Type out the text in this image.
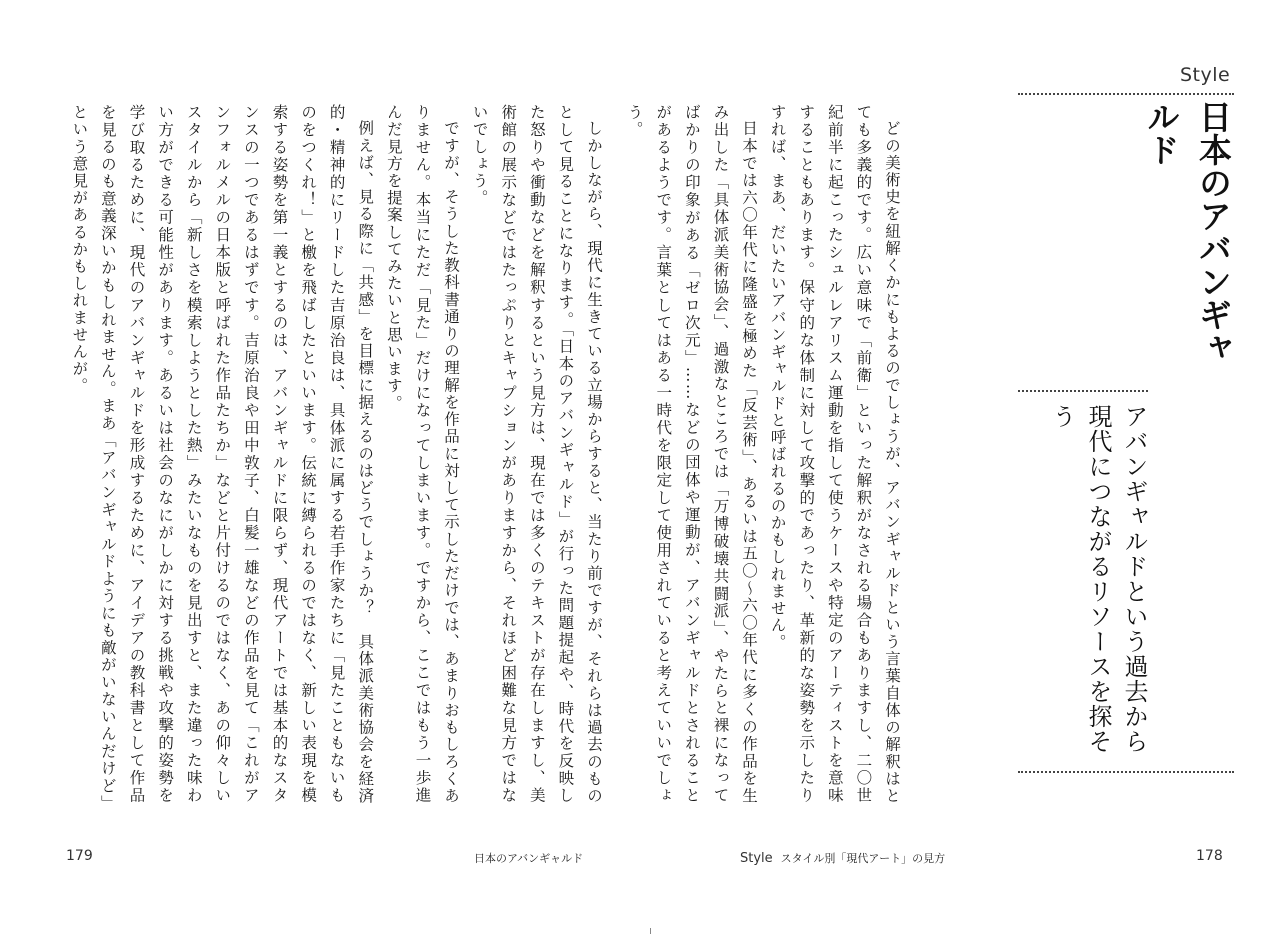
Style
日本のアバンギャルド
アバンギャルドという過去から現代につながるリソースを探そう

どの美術史を紐解くかにもよるのでしょうが、アバンギャルドという言葉自体の解釈はとても多義的です。広い意味で「前衛」といった解釈がなされる場合もありますし、二〇世紀前半に起こったシュルレアリスム運動を指して使うケースや特定のアーティストを意味することもあります。保守的な体制に対して攻撃的であったり、革新的な姿勢を示したりすれば、まあ、だいたいアバンギャルドと呼ばれるのかもしれません。

日本では六〇年代に隆盛を極めた「反芸術」、あるいは五〇〜六〇年代に多くの作品を生み出した「具体派美術協会」、過激なところでは「万博破壊共闘派」、やたらと裸になってばかりの印象がある「ゼロ次元」……などの団体や運動が、アバンギャルドとされることがあるようです。言葉としてはある一時代を限定して使用されていると考えていいでしょう。

しかしながら、現代に生きている立場からすると、当たり前ですが、それらは過去のものとして見ることになります。「日本のアバンギャルド」が行った問題提起や、時代を反映した怒りや衝動などを解釈するという見方は、現在では多くのテキストが存在しますし、美術館の展示などではたっぷりとキャプションがありますから、それほど困難な見方ではないでしょう。

ですが、そうした教科書通りの理解を作品に対して示しただけでは、あまりおもしろくありません。本当にただ「見た」だけになってしまいます。ですから、ここではもう一歩進んだ見方を提案してみたいと思います。

例えば、見る際に「共感」を目標に据えるのはどうでしょうか？　具体派美術協会を経済的・精神的にリードした吉原治良は、具体派に属する若手作家たちに「見たこともないものをつくれ！」と檄を飛ばしたといいます。伝統に縛られるのではなく、新しい表現を模索する姿勢を第一義とするのは、アバンギャルドに限らず、現代アートでは基本的なスタンスの一つであるはずです。吉原治良や田中敦子、白髪一雄などの作品を見て「これがアンフォルメルの日本版と呼ばれた作品たちか」などと片付けるのではなく、あの仰々しいスタイルから「新しさを模索しようとした熱」みたいなものを見出すと、また違った味わい方ができる可能性があります。あるいは社会のなにがしかに対する挑戦や攻撃的姿勢を学び取るために、現代のアバンギャルドを形成するために、アイデアの教科書として作品を見るのも意義深いかもしれません。まあ「アバンギャルドようにも敵がいないんだけど」という意見があるかもしれませんが。

179	日本のアバンギャルド	Style スタイル別「現代アート」の見方	178
